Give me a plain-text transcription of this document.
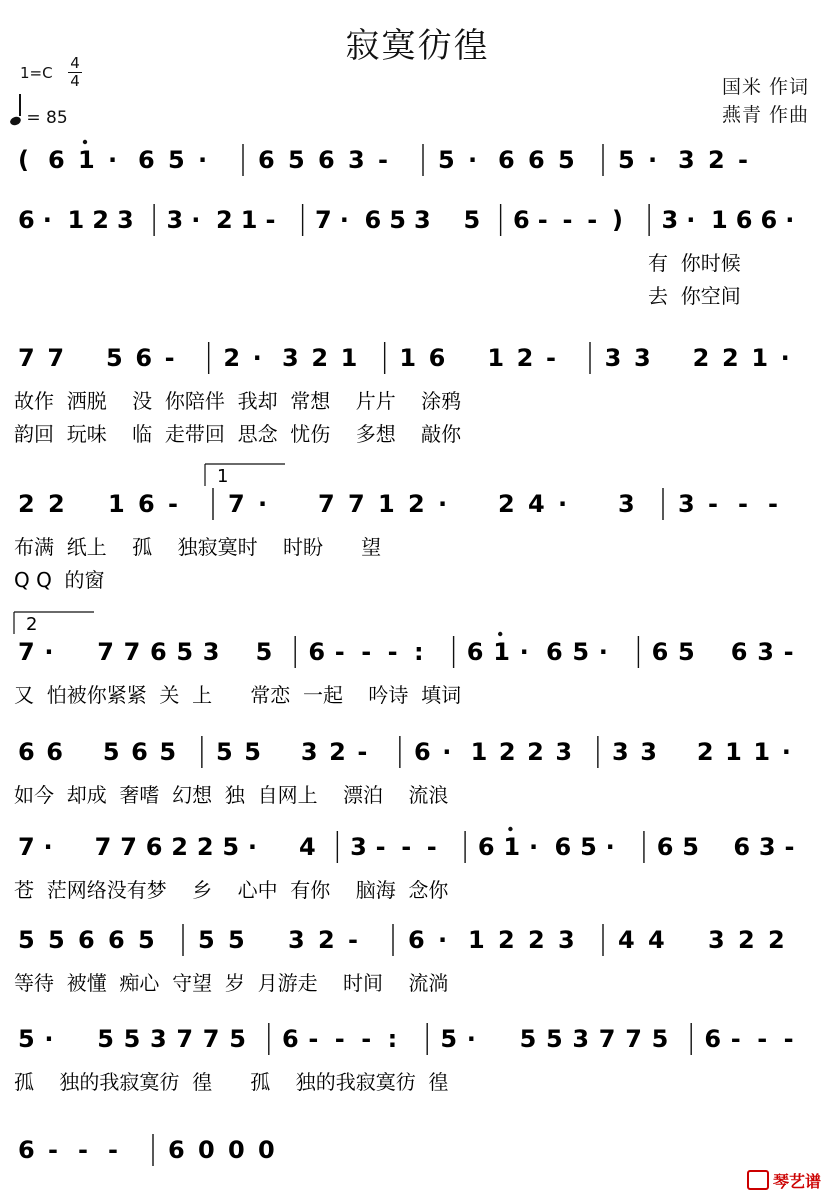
寂寞彷徨
1=C
4
4
= 85
国米 作词
燕青 作曲
( 6 1 · 6 5 · 6 5 6 3 - 5 · 6 6 5 5 · 3 2 -
6 · 1 2 3 3 · 2 1 - 7 · 6 5 3 5 6 - - - ) 3 · 1 6 6 ·
有  你时候
去  你空间
7 7 5 6 - 2 · 3 2 1 1 6 1 2 - 3 3 2 2 1 ·
故作  洒脱    没  你陪伴  我却  常想    片片    涂鸦
韵回  玩味    临  走带回  思念  忧伤    多想    敲你
2 2 1 6 - 7 · 7 7 1 2 · 2 4 · 3 3 - - -
1
布满  纸上    孤    独寂寞时    时盼      望
Q Q  的窗
7 · 7 7 6 5 3 5 6 - - - : 6 1 · 6 5 · 6 5 6 3 -
2
又  怕被你紧紧  关  上      常恋  一起    吟诗  填词
6 6 5 6 5 5 5 3 2 - 6 · 1 2 2 3 3 3 2 1 1 ·
如今  却成  奢嗜  幻想  独  自网上    漂泊    流浪
7 · 7 7 6 2 2 5 · 4 3 - - - 6 1 · 6 5 · 6 5 6 3 -
苍  茫网络没有梦    乡    心中  有你    脑海  念你
5 5 6 6 5 5 5 3 2 - 6 · 1 2 2 3 4 4 3 2 2
等待  被懂  痴心  守望  岁  月游走    时间    流淌
5 · 5 5 3 7 7 5 6 - - - : 5 · 5 5 3 7 7 5 6 - - -
孤    独的我寂寞彷  徨      孤    独的我寂寞彷  徨
6 - - - 6 0 0 0
琴艺谱
